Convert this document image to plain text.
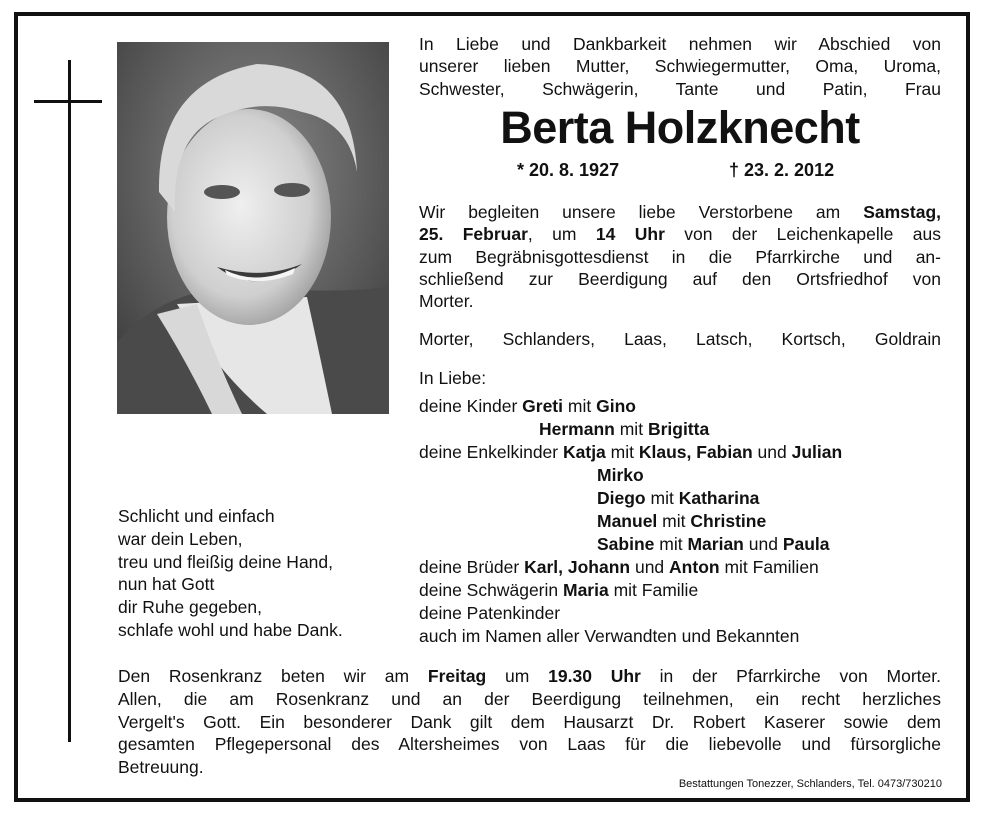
In Liebe und Dankbarkeit nehmen wir Abschied von
unserer lieben Mutter, Schwiegermutter, Oma, Uroma,
Schwester, Schwägerin, Tante und Patin, Frau
Berta Holzknecht
* 20. 8. 1927	† 23. 2. 2012
Wir begleiten unsere liebe Verstorbene am Samstag,
25. Februar, um 14 Uhr von der Leichenkapelle aus
zum Begräbnisgottesdienst in die Pfarrkirche und an-
schließend zur Beerdigung auf den Ortsfriedhof von
Morter.
Morter, Schlanders, Laas, Latsch, Kortsch, Goldrain
In Liebe:
deine Kinder Greti mit Gino
Hermann mit Brigitta
deine Enkelkinder Katja mit Klaus, Fabian und Julian
Mirko
Diego mit Katharina
Manuel mit Christine
Sabine mit Marian und Paula
deine Brüder Karl, Johann und Anton mit Familien
deine Schwägerin Maria mit Familie
deine Patenkinder
auch im Namen aller Verwandten und Bekannten
Schlicht und einfach
war dein Leben,
treu und fleißig deine Hand,
nun hat Gott
dir Ruhe gegeben,
schlafe wohl und habe Dank.
Den Rosenkranz beten wir am Freitag um 19.30 Uhr in der Pfarrkirche von Morter.
Allen, die am Rosenkranz und an der Beerdigung teilnehmen, ein recht herzliches
Vergelt's Gott. Ein besonderer Dank gilt dem Hausarzt Dr. Robert Kaserer sowie dem
gesamten Pflegepersonal des Altersheimes von Laas für die liebevolle und fürsorgliche
Betreuung.
Bestattungen Tonezzer, Schlanders, Tel. 0473/730210
